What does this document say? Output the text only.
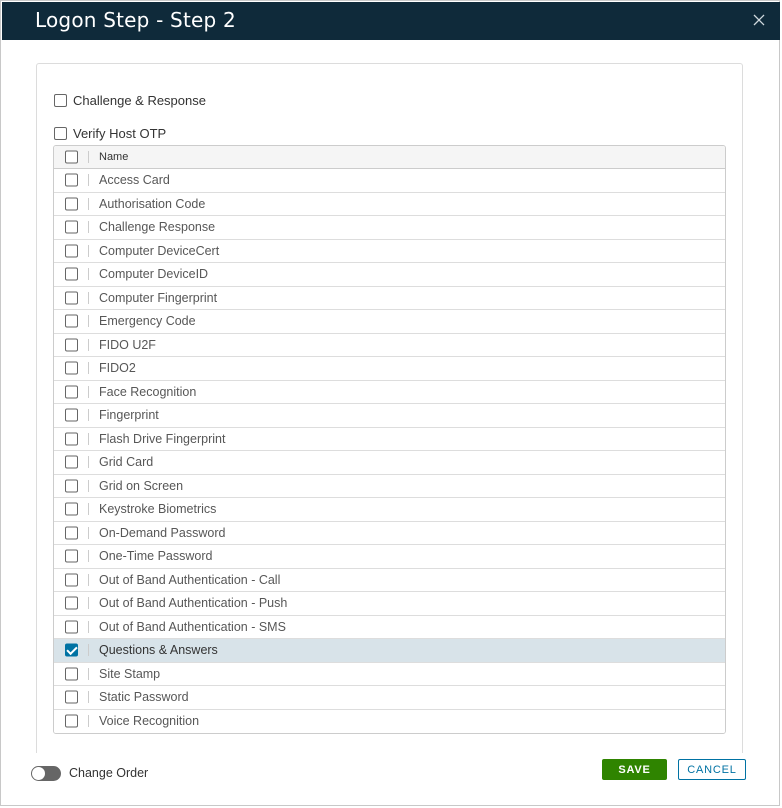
Logon Step - Step 2
Challenge & Response
Verify Host OTP
Name
Access Card
Authorisation Code
Challenge Response
Computer DeviceCert
Computer DeviceID
Computer Fingerprint
Emergency Code
FIDO U2F
FIDO2
Face Recognition
Fingerprint
Flash Drive Fingerprint
Grid Card
Grid on Screen
Keystroke Biometrics
On-Demand Password
One-Time Password
Out of Band Authentication - Call
Out of Band Authentication - Push
Out of Band Authentication - SMS
Questions & Answers
Site Stamp
Static Password
Voice Recognition
Change Order	SAVE	CANCEL
